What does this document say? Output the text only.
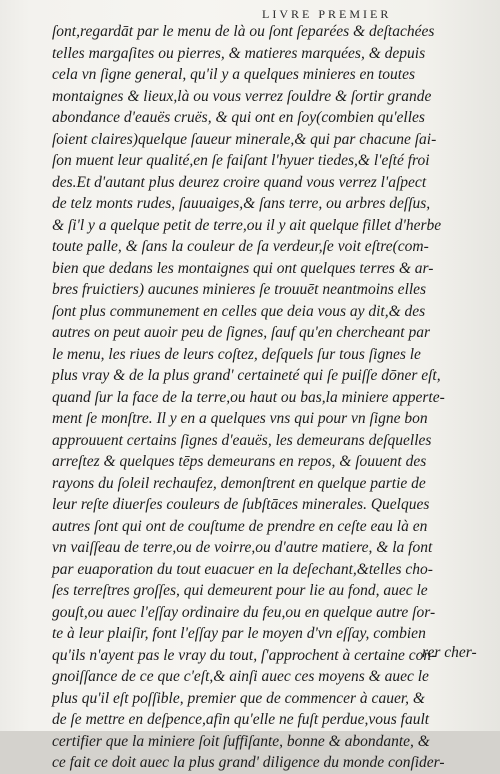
LIVRE PREMIER
ſont,regardāt par le menu de là ou ſont ſeparées & deſtachées
telles margaſites ou pierres, & matieres marquées, & depuis
cela vn ſigne general, qu'il y a quelques minieres en toutes
montaignes & lieux,là ou vous verrez ſouldre & ſortir grande
abondance d'eauës cruës, & qui ont en ſoy(combien qu'elles
ſoient claires)quelque ſaueur minerale,& qui par chacune ſai-
ſon muent leur qualité,en ſe faiſant l'hyuer tiedes,& l'eſté froi
des.Et d'autant plus deurez croire quand vous verrez l'aſpect
de telz monts rudes, ſauuaiges,& ſans terre, ou arbres deſſus,
& ſi'l y a quelque petit de terre,ou il y ait quelque fillet d'herbe
toute palle, & ſans la couleur de ſa verdeur,ſe voit eſtre(com-
bien que dedans les montaignes qui ont quelques terres & ar-
bres fruictiers) aucunes minieres ſe trouuēt neantmoins elles
ſont plus communement en celles que deia vous ay dit,& des
autres on peut auoir peu de ſignes, ſauf qu'en chercheant par
le menu, les riues de leurs coſtez, deſquels ſur tous ſignes le
plus vray & de la plus grand' certaineté qui ſe puiſſe dōner eſt,
quand ſur la face de la terre,ou haut ou bas,la miniere apperte-
ment ſe monſtre. Il y en a quelques vns qui pour vn ſigne bon
approuuent certains ſignes d'eauës, les demeurans deſquelles
arreſtez & quelques tēps demeurans en repos, & ſouuent des
rayons du ſoleil rechaufez, demonſtrent en quelque partie de
leur reſte diuerſes couleurs de ſubſtāces minerales. Quelques
autres ſont qui ont de couſtume de prendre en ceſte eau là en
vn vaiſſeau de terre,ou de voirre,ou d'autre matiere, & la font
par euaporation du tout euacuer en la deſechant,&telles cho-
ſes terreſtres groſſes, qui demeurent pour lie au fond, auec le
gouſt,ou auec l'eſſay ordinaire du feu,ou en quelque autre ſor-
te à leur plaiſir, font l'eſſay par le moyen d'vn eſſay, combien
qu'ils n'ayent pas le vray du tout, ſ'approchent à certaine con-
gnoiſſance de ce que c'eſt,& ainſi auec ces moyens & auec le
plus qu'il eſt poſſible, premier que de commencer à cauer, &
de ſe mettre en deſpence,afin qu'elle ne fuſt perdue,vous fault
certifier que la miniere ſoit ſuffiſante, bonne & abondante, &
ce fait ce doit auec la plus grand' diligence du monde conſider-
rer cher-
